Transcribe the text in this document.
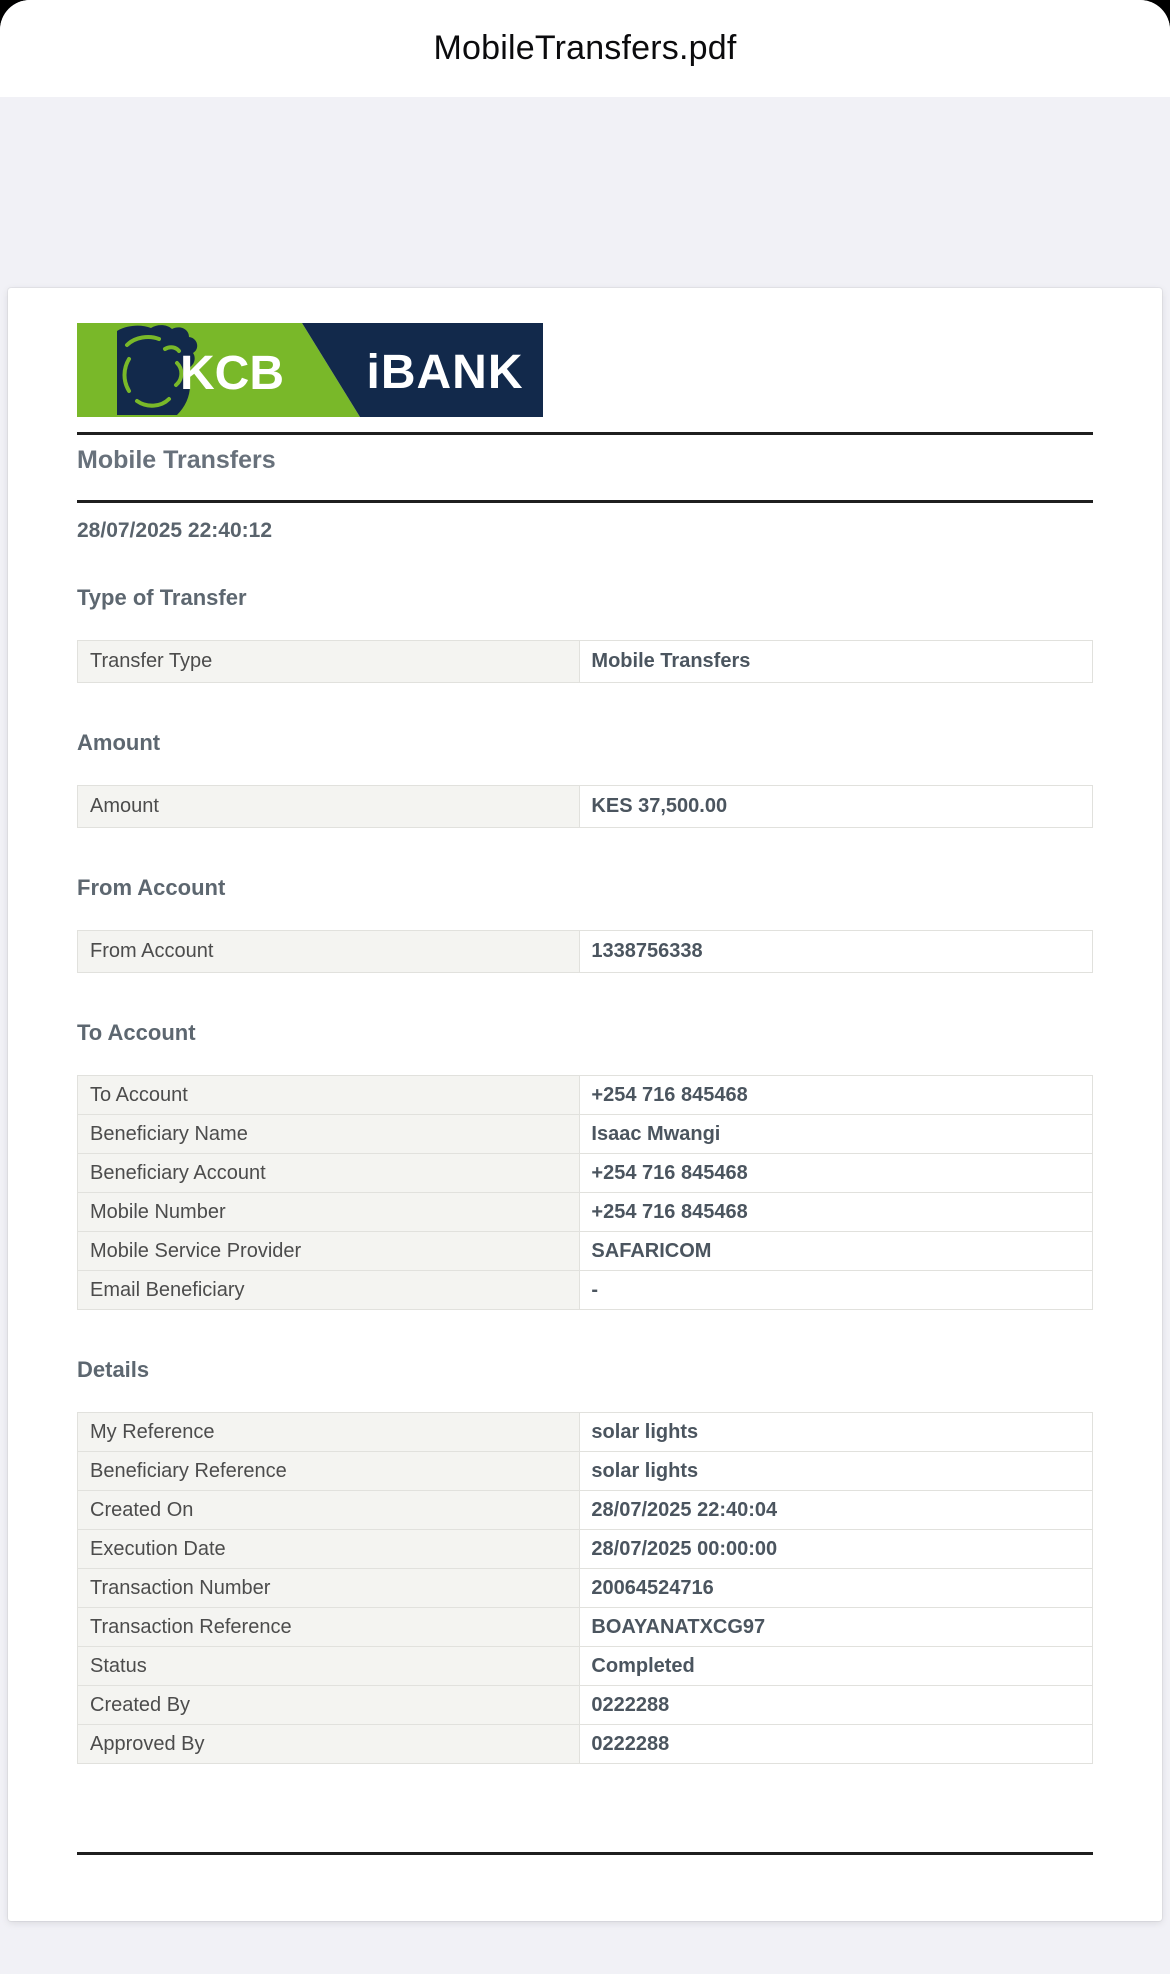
MobileTransfers.pdf
KCB iBANK
Mobile Transfers
28/07/2025 22:40:12
Type of Transfer
Transfer Type	Mobile Transfers
Amount
Amount	KES 37,500.00
From Account
From Account	1338756338
To Account
To Account	+254 716 845468
Beneficiary Name	Isaac Mwangi
Beneficiary Account	+254 716 845468
Mobile Number	+254 716 845468
Mobile Service Provider	SAFARICOM
Email Beneficiary	-
Details
My Reference	solar lights
Beneficiary Reference	solar lights
Created On	28/07/2025 22:40:04
Execution Date	28/07/2025 00:00:00
Transaction Number	20064524716
Transaction Reference	BOAYANATXCG97
Status	Completed
Created By	0222288
Approved By	0222288
